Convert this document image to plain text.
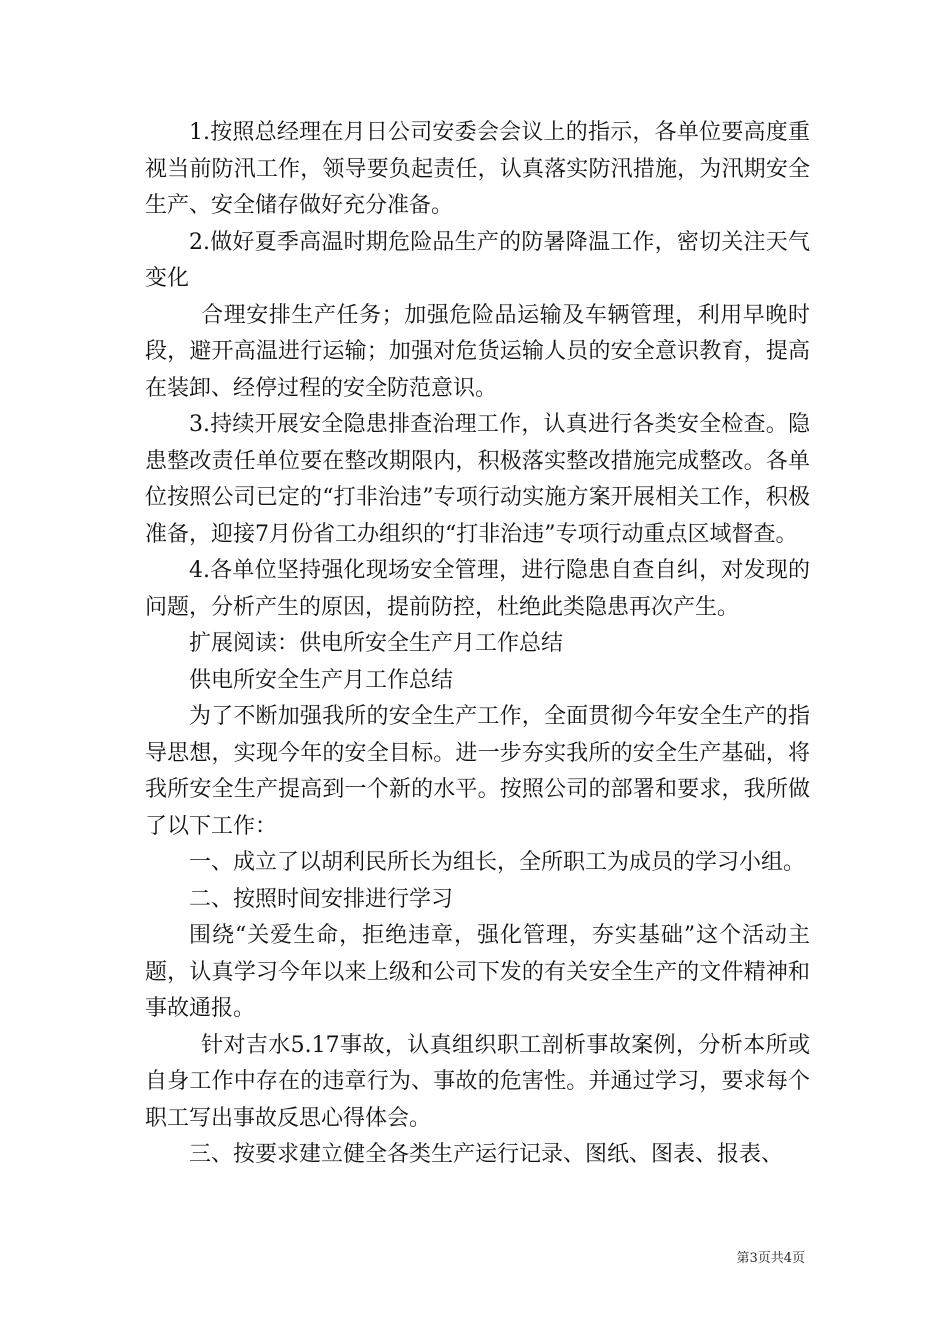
1.按照总经理在月日公司安委会会议上的指示，各单位要高度重视当前防汛工作，领导要负起责任，认真落实防汛措施，为汛期安全生产、安全储存做好充分准备。

2.做好夏季高温时期危险品生产的防暑降温工作，密切关注天气变化

合理安排生产任务；加强危险品运输及车辆管理，利用早晚时段，避开高温进行运输；加强对危货运输人员的安全意识教育，提高在装卸、经停过程的安全防范意识。

3.持续开展安全隐患排查治理工作，认真进行各类安全检查。隐患整改责任单位要在整改期限内，积极落实整改措施完成整改。各单位按照公司已定的“打非治违”专项行动实施方案开展相关工作，积极准备，迎接7月份省工办组织的“打非治违”专项行动重点区域督查。

4.各单位坚持强化现场安全管理，进行隐患自查自纠，对发现的问题，分析产生的原因，提前防控，杜绝此类隐患再次产生。

扩展阅读：供电所安全生产月工作总结

供电所安全生产月工作总结

为了不断加强我所的安全生产工作，全面贯彻今年安全生产的指导思想，实现今年的安全目标。进一步夯实我所的安全生产基础，将我所安全生产提高到一个新的水平。按照公司的部署和要求，我所做了以下工作：

一、成立了以胡利民所长为组长，全所职工为成员的学习小组。

二、按照时间安排进行学习

围绕“关爱生命，拒绝违章，强化管理，夯实基础”这个活动主题，认真学习今年以来上级和公司下发的有关安全生产的文件精神和事故通报。

针对吉水5.17事故，认真组织职工剖析事故案例，分析本所或自身工作中存在的违章行为、事故的危害性。并通过学习，要求每个职工写出事故反思心得体会。

三、按要求建立健全各类生产运行记录、图纸、图表、报表、

第3页共4页
